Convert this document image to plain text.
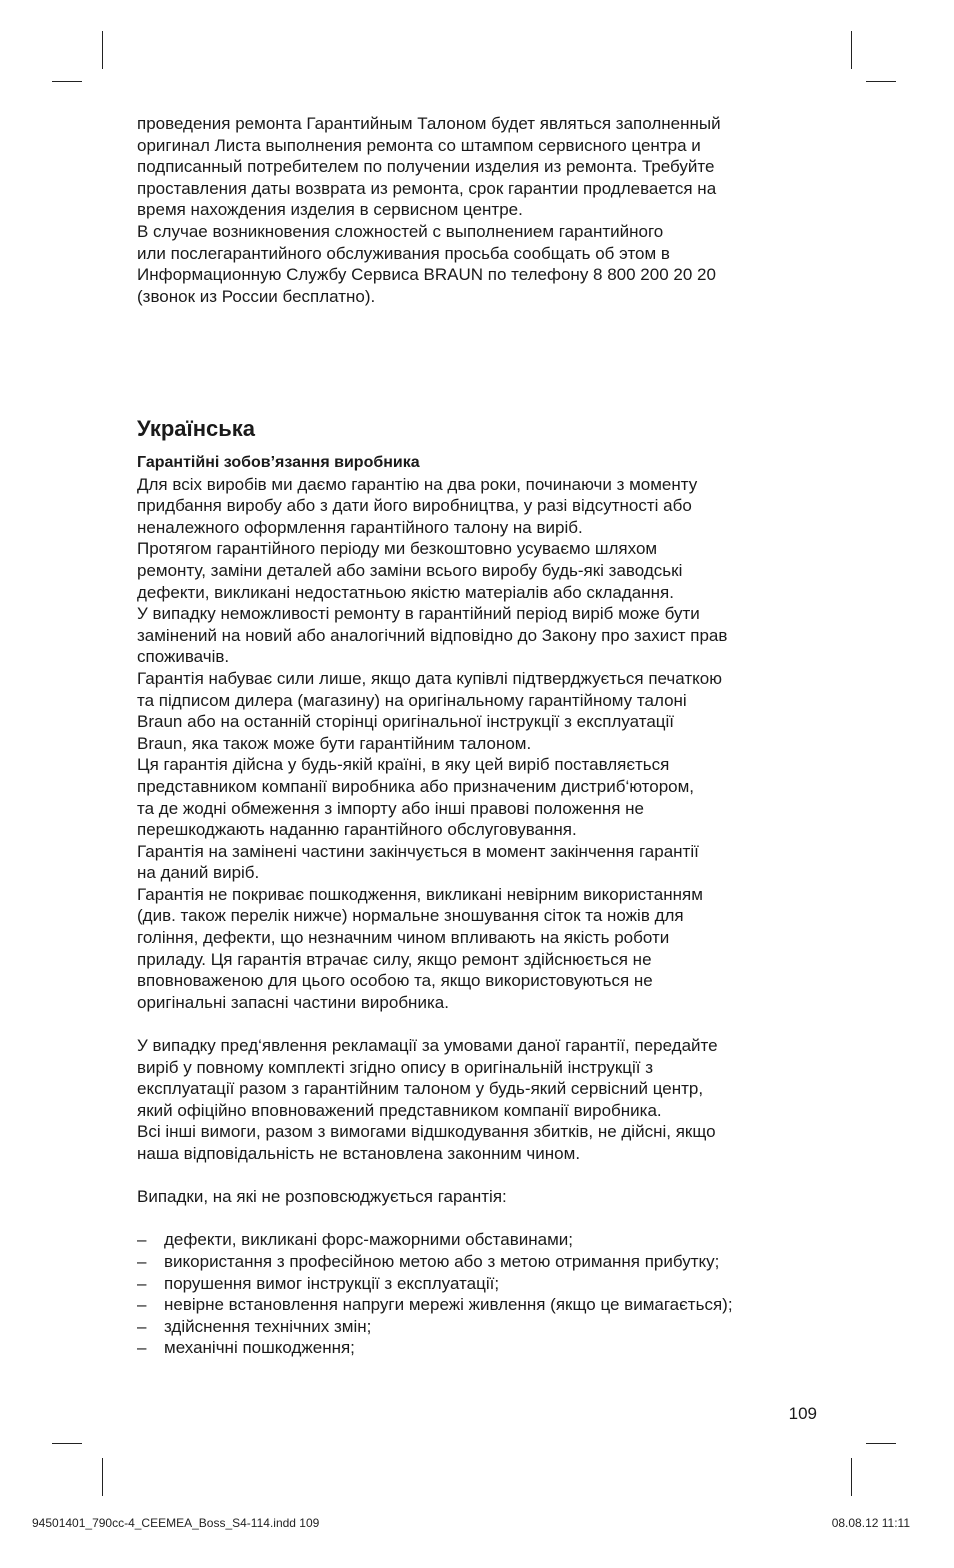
проведения ремонта Гарантийным Талоном будет являться заполненный

оригинал Листа выполнения ремонта со штампом сервисного центра и

подписанный потребителем по получении изделия из ремонта. Требуйте

проставления даты возврата из ремонта, срок гарантии продлевается на

время нахождения изделия в сервисном центре.

В случае возникновения сложностей с выполнением гарантийного

или послегарантийного обслуживания просьба сообщать об этом в

Информационную Службу Сервиса BRAUN по телефону 8 800 200 20 20

(звонок из России бесплатно).

Українська

Гарантійні зобов’язання виробника

Для всіх виробів ми даємо гарантію на два роки, починаючи з моменту

придбання виробу або з дати його виробництва, у разі відсутності або

неналежного оформлення гарантійного талону на виріб.

Протягом гарантійного періоду ми безкоштовно усуваємо шляхом

ремонту, заміни деталей або заміни всього виробу будь-які заводські

дефекти, викликані недостатньою якістю матеріалів або складання.

У випадку неможливості ремонту в гарантійний період виріб може бути

замінений на новий або аналогічний відповідно до Закону про захист прав

споживачів.

Гарантія набуває сили лише, якщо дата купівлі підтверджується печаткою

та підписом дилера (магазину) на оригінальному гарантійному талоні

Braun або на останній сторінці оригінальної інструкції з експлуатації

Braun, яка також може бути гарантійним талоном.

Ця гарантія дійсна у будь-якій країні, в яку цей виріб поставляється

представником компанії виробника або призначеним дистриб‘ютором,

та де жодні обмеження з імпорту або інші правові положення не

перешкоджають наданню гарантійного обслуговування.

Гарантія на замінені частини закінчується в момент закінчення гарантії

на даний виріб.

Гарантія не покриває пошкодження, викликані невірним використанням

(див. також перелік нижче) нормальне зношування сіток та ножів для

гоління, дефекти, що незначним чином впливають на якість роботи

приладу. Ця гарантія втрачає силу, якщо ремонт здійснюється не

вповноваженою для цього особою та, якщо використовуються не

оригінальні запасні частини виробника.

У випадку пред‘явлення рекламації за умовами даної гарантії, передайте

виріб у повному комплекті згідно опису в оригінальній інструкції з

експлуатації разом з гарантійним талоном у будь-який сервісний центр,

який офіційно вповноважений представником компанії виробника.

Всі інші вимоги, разом з вимогами відшкодування збитків, не дійсні, якщо

наша відповідальність не встановлена законним чином.

Випадки, на які не розповсюджується гарантія:

– дефекти, викликані форс-мажорними обставинами;
– використання з професійною метою або з метою отримання прибутку;
– порушення вимог інструкції з експлуатації;
– невірне встановлення напруги мережі живлення (якщо це вимагається);
– здійснення технічних змін;
– механічні пошкодження;
109
94501401_790cc-4_CEEMEA_Boss_S4-114.indd 109	08.08.12 11:11
